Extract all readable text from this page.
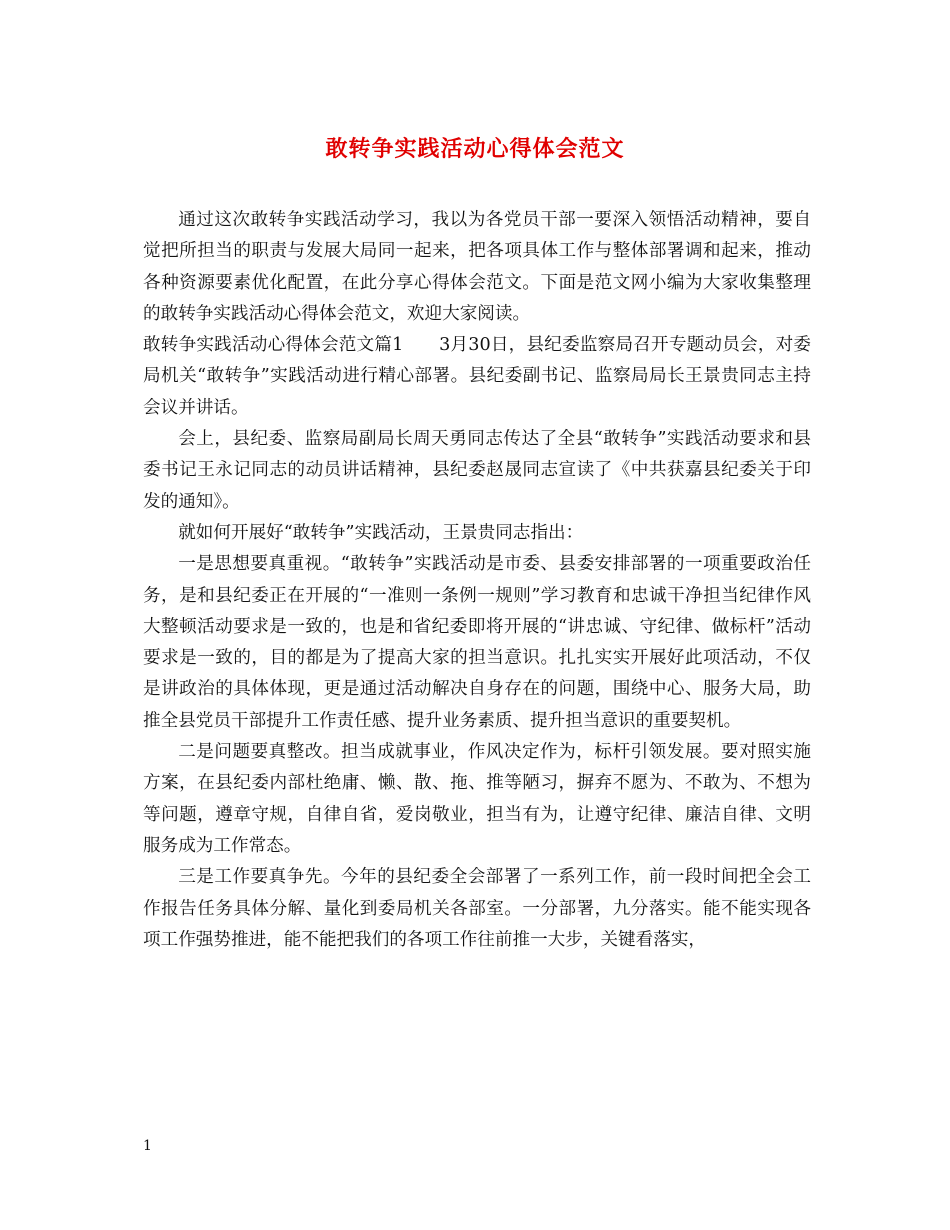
敢转争实践活动心得体会范文

通过这次敢转争实践活动学习，我以为各党员干部一要深入领悟活动精神，要自觉把所担当的职责与发展大局同一起来，把各项具体工作与整体部署调和起来，推动各种资源要素优化配置，在此分享心得体会范文。下面是范文网小编为大家收集整理的敢转争实践活动心得体会范文，欢迎大家阅读。

敢转争实践活动心得体会范文篇1　　3月30日，县纪委监察局召开专题动员会，对委局机关“敢转争”实践活动进行精心部署。县纪委副书记、监察局局长王景贵同志主持会议并讲话。

会上，县纪委、监察局副局长周天勇同志传达了全县“敢转争”实践活动要求和县委书记王永记同志的动员讲话精神，县纪委赵晟同志宣读了《中共获嘉县纪委关于印发的通知》。

就如何开展好“敢转争”实践活动，王景贵同志指出：

一是思想要真重视。“敢转争”实践活动是市委、县委安排部署的一项重要政治任务，是和县纪委正在开展的“一准则一条例一规则”学习教育和忠诚干净担当纪律作风大整顿活动要求是一致的，也是和省纪委即将开展的“讲忠诚、守纪律、做标杆”活动要求是一致的，目的都是为了提高大家的担当意识。扎扎实实开展好此项活动，不仅是讲政治的具体体现，更是通过活动解决自身存在的问题，围绕中心、服务大局，助推全县党员干部提升工作责任感、提升业务素质、提升担当意识的重要契机。

二是问题要真整改。担当成就事业，作风决定作为，标杆引领发展。要对照实施方案，在县纪委内部杜绝庸、懒、散、拖、推等陋习，摒弃不愿为、不敢为、不想为等问题，遵章守规，自律自省，爱岗敬业，担当有为，让遵守纪律、廉洁自律、文明服务成为工作常态。

三是工作要真争先。今年的县纪委全会部署了一系列工作，前一段时间把全会工作报告任务具体分解、量化到委局机关各部室。一分部署，九分落实。能不能实现各项工作强势推进，能不能把我们的各项工作往前推一大步，关键看落实，

1
